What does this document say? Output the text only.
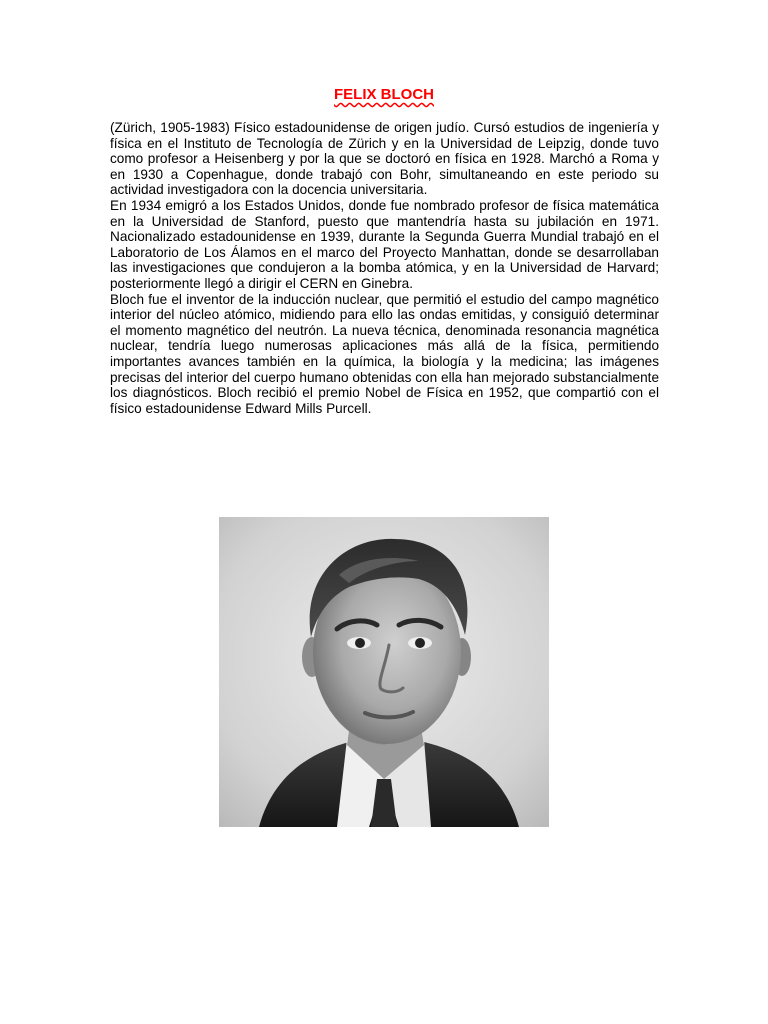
FELIX BLOCH

(Zürich, 1905-1983) Físico estadounidense de origen judío. Cursó estudios de ingeniería y física en el Instituto de Tecnología de Zürich y en la Universidad de Leipzig, donde tuvo como profesor a Heisenberg y por la que se doctoró en física en 1928. Marchó a Roma y en 1930 a Copenhague, donde trabajó con Bohr, simultaneando en este periodo su actividad investigadora con la docencia universitaria.

En 1934 emigró a los Estados Unidos, donde fue nombrado profesor de física matemática en la Universidad de Stanford, puesto que mantendría hasta su jubilación en 1971. Nacionalizado estadounidense en 1939, durante la Segunda Guerra Mundial trabajó en el Laboratorio de Los Álamos en el marco del Proyecto Manhattan, donde se desarrollaban las investigaciones que condujeron a la bomba atómica, y en la Universidad de Harvard; posteriormente llegó a dirigir el CERN en Ginebra.

Bloch fue el inventor de la inducción nuclear, que permitió el estudio del campo magnético interior del núcleo atómico, midiendo para ello las ondas emitidas, y consiguió determinar el momento magnético del neutrón. La nueva técnica, denominada resonancia magnética nuclear, tendría luego numerosas aplicaciones más allá de la física, permitiendo importantes avances también en la química, la biología y la medicina; las imágenes precisas del interior del cuerpo humano obtenidas con ella han mejorado substancialmente los diagnósticos. Bloch recibió el premio Nobel de Física en 1952, que compartió con el físico estadounidense Edward Mills Purcell.
